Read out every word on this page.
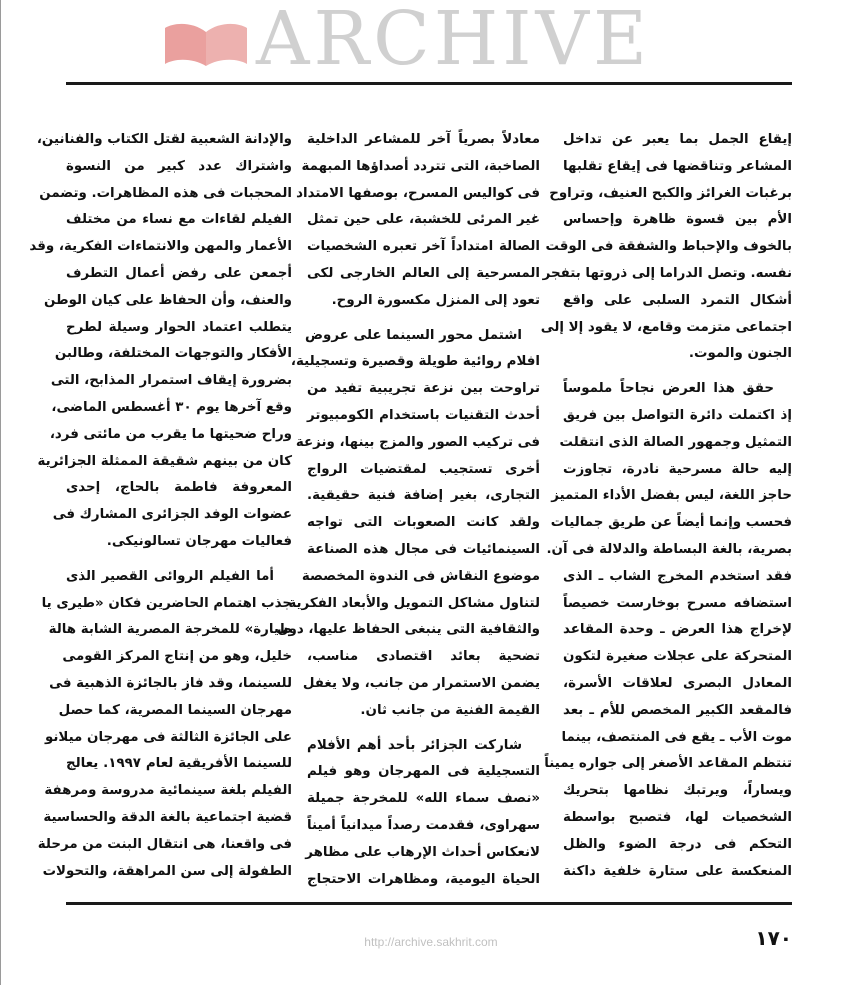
ARCHIVE
إيقاع الجمل بما يعبر عن تداخل
المشاعر وتناقضها فى إيقاع تقلبها
برغبات الغرائز والكبح العنيف، وتراوح
الأم بين قسوة ظاهرة وإحساس
بالخوف والإحباط والشفقة فى الوقت
نفسه. وتصل الدراما إلى ذروتها بتفجر
أشكال التمرد السلبى على واقع
اجتماعى متزمت وقامع، لا يقود إلا إلى
الجنون والموت.
حقق هذا العرض نجاحاً ملموساً
إذ اكتملت دائرة التواصل بين فريق
التمثيل وجمهور الصالة الذى انتقلت
إليه حالة مسرحية نادرة، تجاوزت
حاجز اللغة، ليس بفضل الأداء المتميز
فحسب وإنما أيضاً عن طريق جماليات
بصرية، بالغة البساطة والدلالة فى آن.
فقد استخدم المخرج الشاب ـ الذى
استضافه مسرح بوخارست خصيصاً
لإخراج هذا العرض ـ وحدة المقاعد
المتحركة على عجلات صغيرة لتكون
المعادل البصرى لعلاقات الأسرة،
فالمقعد الكبير المخصص للأم ـ بعد
موت الأب ـ يقع فى المنتصف، بينما
تنتظم المقاعد الأصغر إلى جواره يميناً
ويساراً، ويرتبك نظامها بتحريك
الشخصيات لها، فتصبح بواسطة
التحكم فى درجة الضوء والظل
المنعكسة على ستارة خلفية داكنة
معادلاً بصرياً آخر للمشاعر الداخلية
الصاخبة، التى تتردد أصداؤها المبهمة
فى كواليس المسرح، بوصفها الامتداد
غير المرئى للخشبة، على حين تمثل
الصالة امتداداً آخر تعبره الشخصيات
المسرحية إلى العالم الخارجى لكى
تعود إلى المنزل مكسورة الروح.
اشتمل محور السينما على عروض
افلام روائية طويلة وقصيرة وتسجيلية،
تراوحت بين نزعة تجريبية تفيد من
أحدث التقنيات باستخدام الكومبيوتر
فى تركيب الصور والمزج بينها، ونزعة
أخرى تستجيب لمقتضيات الرواج
التجارى، بغير إضافة فنية حقيقية.
ولقد كانت الصعوبات التى تواجه
السينمائيات فى مجال هذه الصناعة
موضوع النقاش فى الندوة المخصصة
لتناول مشاكل التمويل والأبعاد الفكرية
والثقافية التى ينبغى الحفاظ عليها، دون
تضحية بعائد اقتصادى مناسب،
يضمن الاستمرار من جانب، ولا يغفل
القيمة الفنية من جانب ثان.
شاركت الجزائر بأحد أهم الأفلام
التسجيلية فى المهرجان وهو فيلم
«نصف سماء الله» للمخرجة جميلة
سهراوى، فقدمت رصداً ميدانياً أميناً
لانعكاس أحداث الإرهاب على مظاهر
الحياة اليومية، ومظاهرات الاحتجاج
والإدانة الشعبية لقتل الكتاب والفنانين،
واشتراك عدد كبير من النسوة
المحجبات فى هذه المظاهرات. وتضمن
الفيلم لقاءات مع نساء من مختلف
الأعمار والمهن والانتماءات الفكرية، وقد
أجمعن على رفض أعمال التطرف
والعنف، وأن الحفاظ على كيان الوطن
يتطلب اعتماد الحوار وسيلة لطرح
الأفكار والتوجهات المختلفة، وطالبن
بضرورة إيقاف استمرار المذابح، التى
وقع آخرها يوم ٣٠ أغسطس الماضى،
وراح ضحيتها ما يقرب من مائتى فرد،
كان من بينهم شقيقة الممثلة الجزائرية
المعروفة فاطمة بالحاج، إحدى
عضوات الوفد الجزائرى المشارك فى
فعاليات مهرجان تسالونيكى.
أما الفيلم الروائى القصير الذى
جذب اهتمام الحاضرين فكان «طيرى يا
طيارة» للمخرجة المصرية الشابة هالة
خليل، وهو من إنتاج المركز القومى
للسينما، وقد فاز بالجائزة الذهبية فى
مهرجان السينما المصرية، كما حصل
على الجائزة الثالثة فى مهرجان ميلانو
للسينما الأفريقية لعام ١٩٩٧. يعالج
الفيلم بلغة سينمائية مدروسة ومرهفة
قضية اجتماعية بالغة الدقة والحساسية
فى واقعنا، هى انتقال البنت من مرحلة
الطفولة إلى سن المراهقة، والتحولات
http://archive.sakhrit.com	١٧٠
